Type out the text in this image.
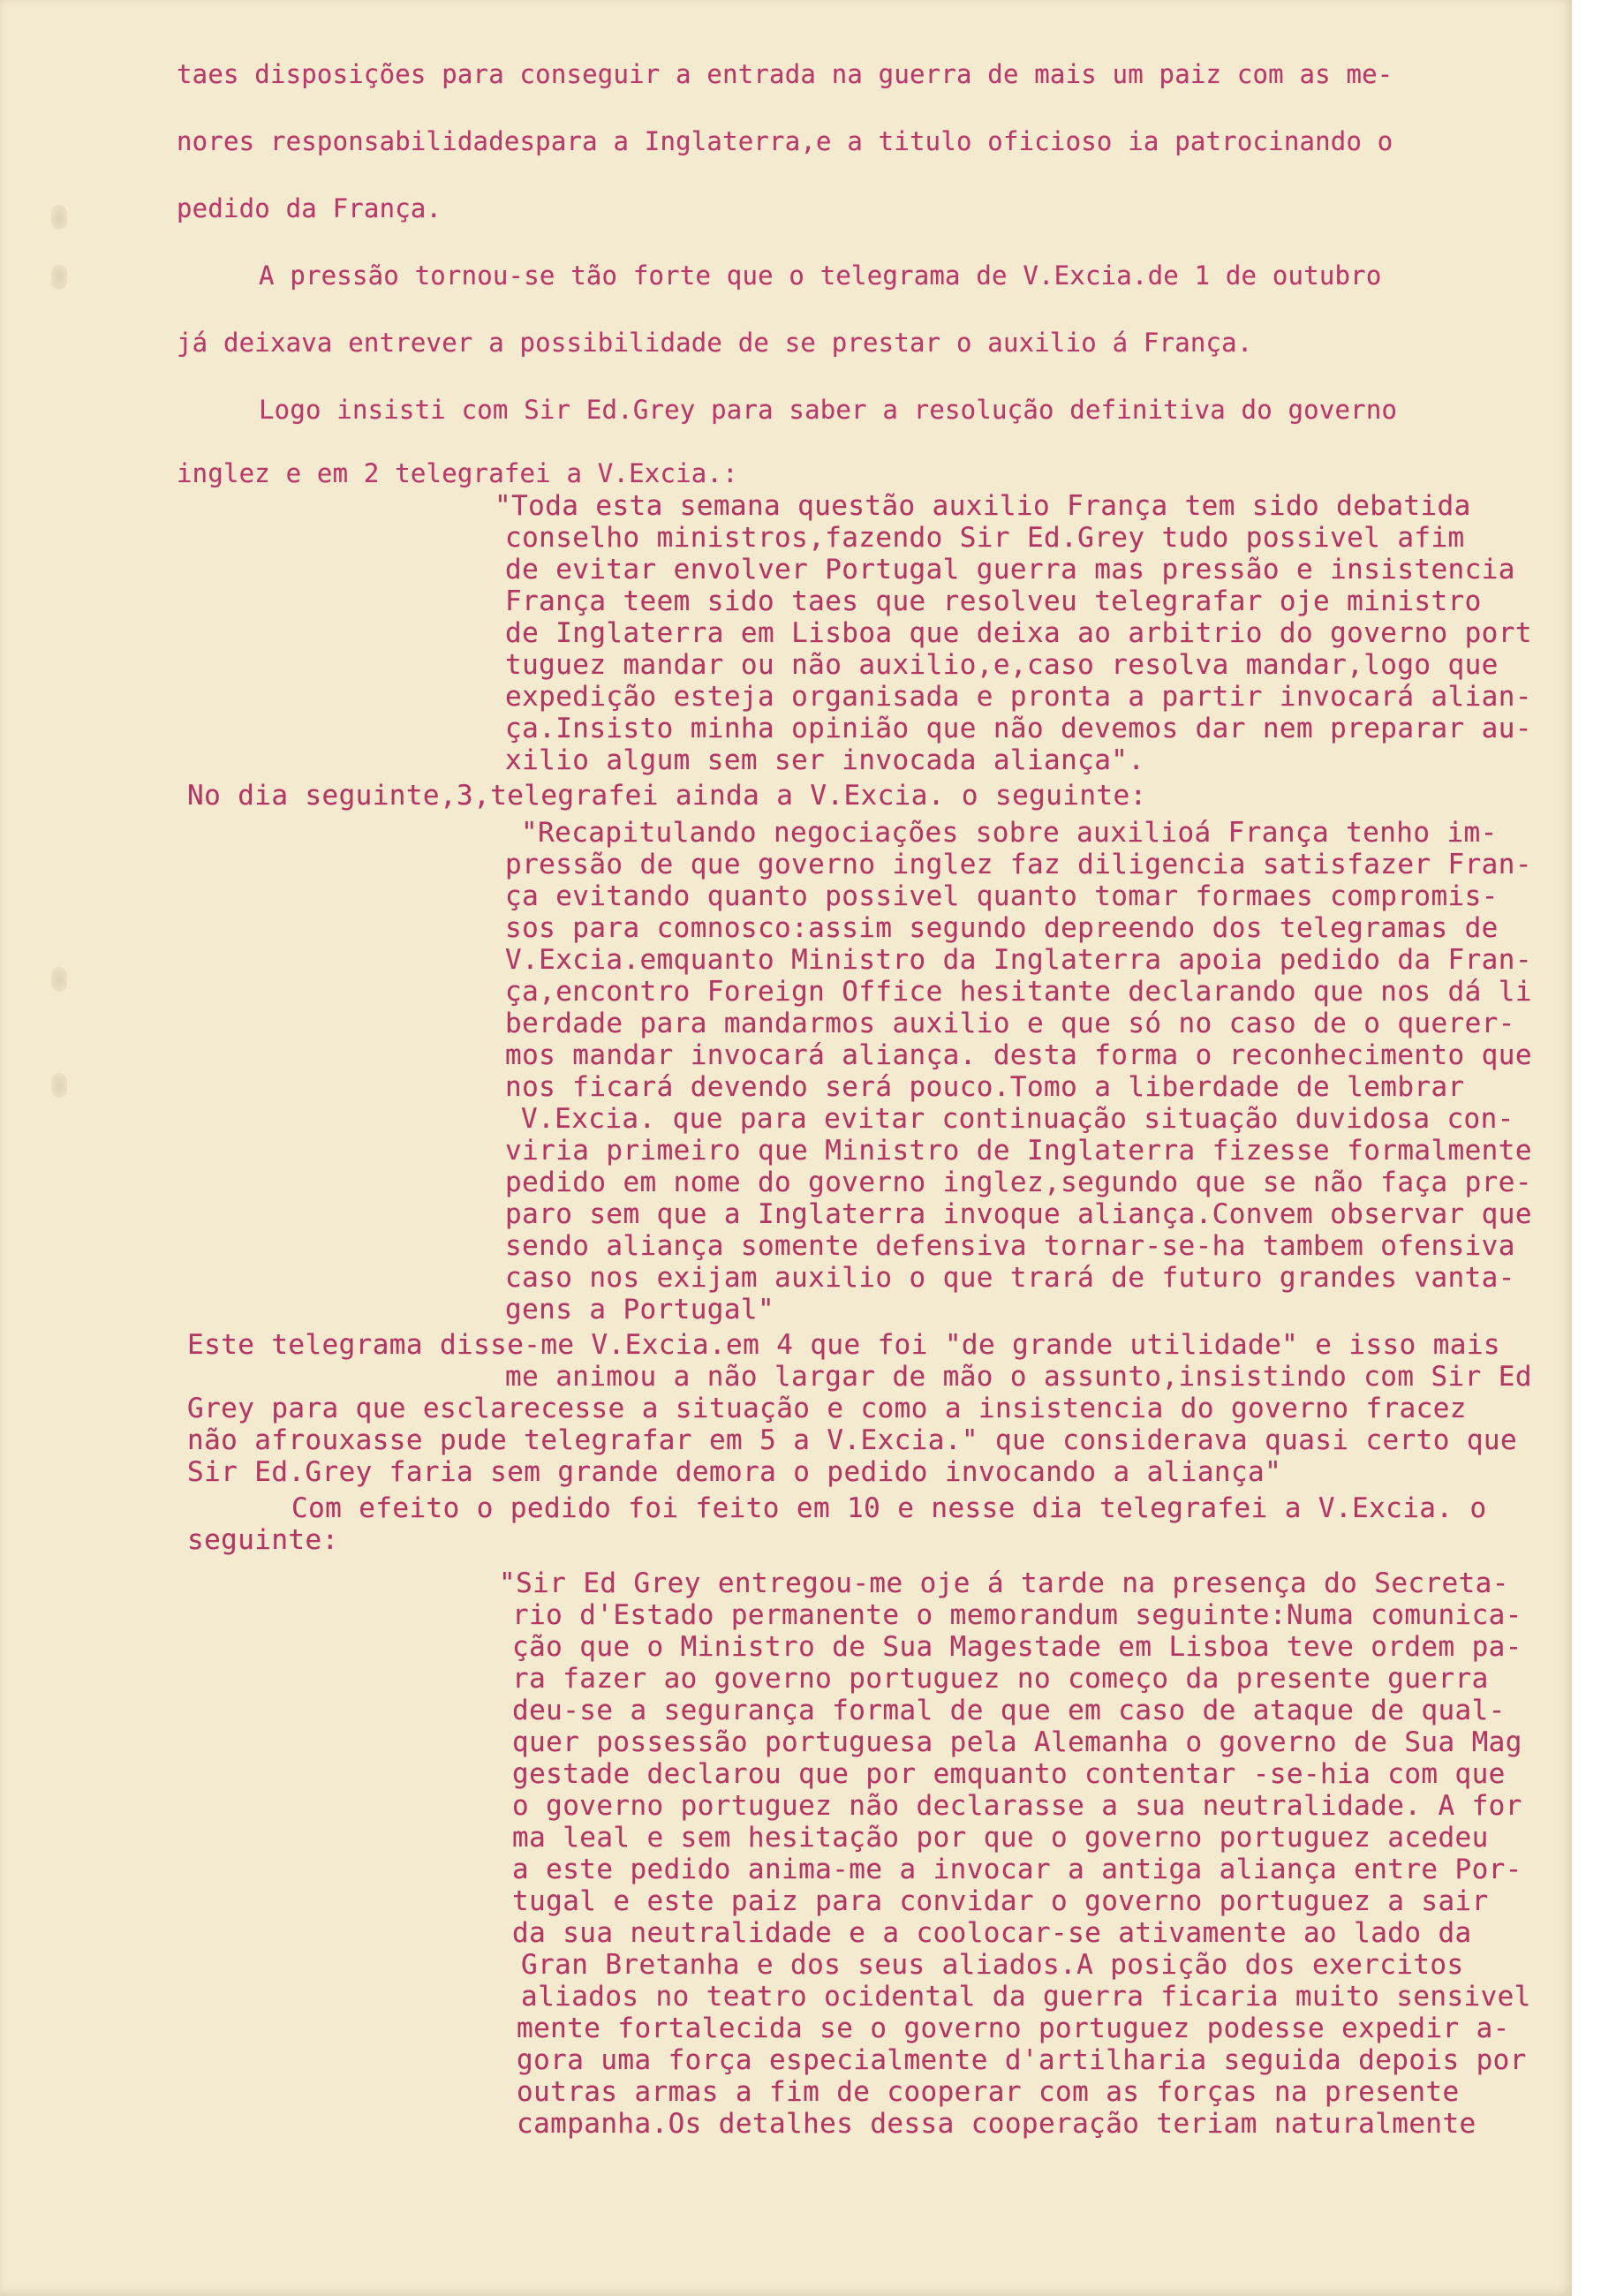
taes disposições para conseguir a entrada na guerra de mais um paiz com as me-
nores responsabilidadespara a Inglaterra,e a titulo oficioso ia patrocinando o
pedido da França.
A pressão tornou-se tão forte que o telegrama de V.Excia.de 1 de outubro
já deixava entrever a possibilidade de se prestar o auxilio á França.
Logo insisti com Sir Ed.Grey para saber a resolução definitiva do governo
inglez e em 2 telegrafei a V.Excia.:
"Toda esta semana questão auxilio França tem sido debatida
conselho ministros,fazendo Sir Ed.Grey tudo possivel afim
de evitar envolver Portugal guerra mas pressão e insistencia
França teem sido taes que resolveu telegrafar oje ministro
de Inglaterra em Lisboa que deixa ao arbitrio do governo port
tuguez mandar ou não auxilio,e,caso resolva mandar,logo que
expedição esteja organisada e pronta a partir invocará alian-
ça.Insisto minha opinião que não devemos dar nem preparar au-
xilio algum sem ser invocada aliança".
No dia seguinte,3,telegrafei ainda a V.Excia. o seguinte:
"Recapitulando negociações sobre auxilioá França tenho im-
pressão de que governo inglez faz diligencia satisfazer Fran-
ça evitando quanto possivel quanto tomar formaes compromis-
sos para comnosco:assim segundo depreendo dos telegramas de
V.Excia.emquanto Ministro da Inglaterra apoia pedido da Fran-
ça,encontro Foreign Office hesitante declarando que nos dá li
berdade para mandarmos auxilio e que só no caso de o querer-
mos mandar invocará aliança. desta forma o reconhecimento que
nos ficará devendo será pouco.Tomo a liberdade de lembrar
V.Excia. que para evitar continuação situação duvidosa con-
viria primeiro que Ministro de Inglaterra fizesse formalmente
pedido em nome do governo inglez,segundo que se não faça pre-
paro sem que a Inglaterra invoque aliança.Convem observar que
sendo aliança somente defensiva tornar-se-ha tambem ofensiva
caso nos exijam auxilio o que trará de futuro grandes vanta-
gens a Portugal"
Este telegrama disse-me V.Excia.em 4 que foi "de grande utilidade" e isso mais
me animou a não largar de mão o assunto,insistindo com Sir Ed
Grey para que esclarecesse a situação e como a insistencia do governo fracez
não afrouxasse pude telegrafar em 5 a V.Excia." que considerava quasi certo que
Sir Ed.Grey faria sem grande demora o pedido invocando a aliança"
Com efeito o pedido foi feito em 10 e nesse dia telegrafei a V.Excia. o
seguinte:
"Sir Ed Grey entregou-me oje á tarde na presença do Secreta-
rio d'Estado permanente o memorandum seguinte:Numa comunica-
ção que o Ministro de Sua Magestade em Lisboa teve ordem pa-
ra fazer ao governo portuguez no começo da presente guerra
deu-se a segurança formal de que em caso de ataque de qual-
quer possessão portuguesa pela Alemanha o governo de Sua Mag
gestade declarou que por emquanto contentar -se-hia com que
o governo portuguez não declarasse a sua neutralidade. A for
ma leal e sem hesitação por que o governo portuguez acedeu
a este pedido anima-me a invocar a antiga aliança entre Por-
tugal e este paiz para convidar o governo portuguez a sair
da sua neutralidade e a coolocar-se ativamente ao lado da
Gran Bretanha e dos seus aliados.A posição dos exercitos
aliados no teatro ocidental da guerra ficaria muito sensivel
mente fortalecida se o governo portuguez podesse expedir a-
gora uma força especialmente d'artilharia seguida depois por
outras armas a fim de cooperar com as forças na presente
campanha.Os detalhes dessa cooperação teriam naturalmente
